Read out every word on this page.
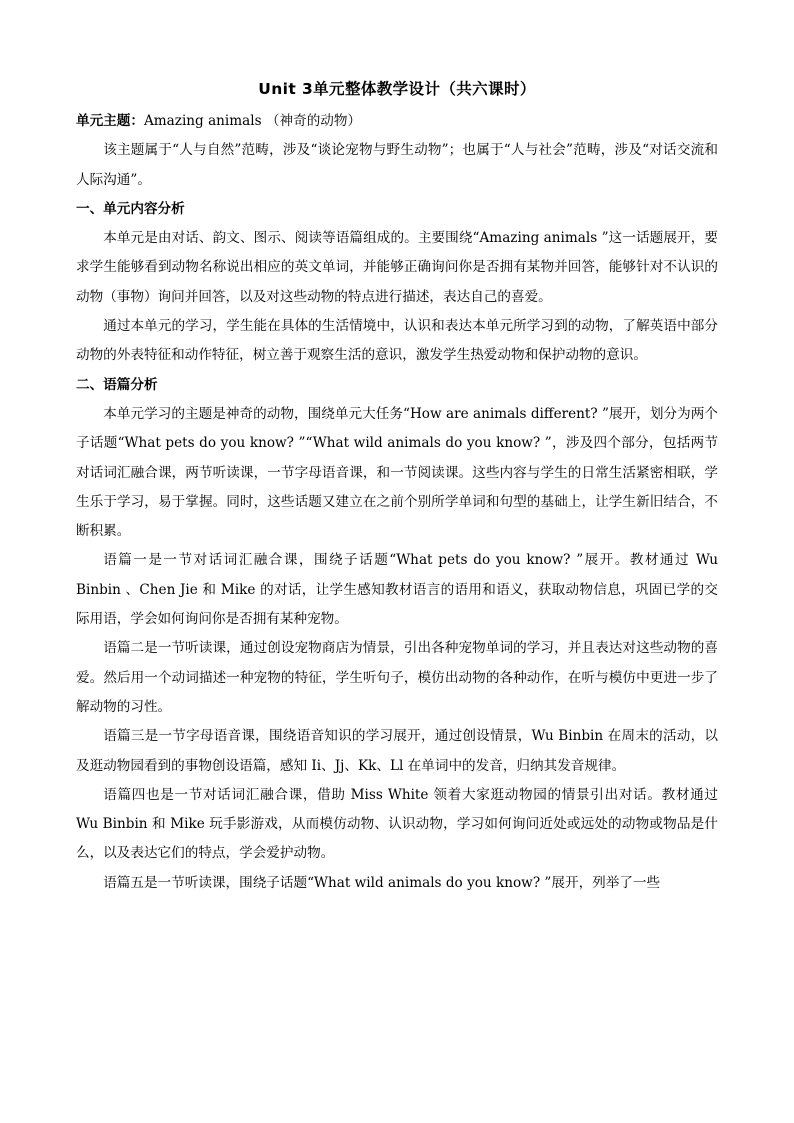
Unit 3单元整体教学设计（共六课时）

单元主题：Amazing animals （神奇的动物）

该主题属于“人与自然”范畴，涉及“谈论宠物与野生动物”；也属于“人与社会”范畴，涉及“对话交流和人际沟通”。

一、单元内容分析

本单元是由对话、韵文、图示、阅读等语篇组成的。主要围绕“Amazing animals ”这一话题展开，要求学生能够看到动物名称说出相应的英文单词，并能够正确询问你是否拥有某物并回答，能够针对不认识的动物（事物）询问并回答，以及对这些动物的特点进行描述，表达自己的喜爱。

通过本单元的学习，学生能在具体的生活情境中，认识和表达本单元所学习到的动物，了解英语中部分动物的外表特征和动作特征，树立善于观察生活的意识，激发学生热爱动物和保护动物的意识。

二、语篇分析

本单元学习的主题是神奇的动物，围绕单元大任务“How are animals different? ”展开，划分为两个子话题“What pets do you know? ”“What wild animals do you know? ”，涉及四个部分，包括两节对话词汇融合课，两节听读课，一节字母语音课，和一节阅读课。这些内容与学生的日常生活紧密相联，学生乐于学习，易于掌握。同时，这些话题又建立在之前个别所学单词和句型的基础上，让学生新旧结合，不断积累。

语篇一是一节对话词汇融合课，围绕子话题“What pets do you know? ”展开。教材通过 Wu Binbin 、Chen Jie 和 Mike 的对话，让学生感知教材语言的语用和语义，获取动物信息，巩固已学的交际用语，学会如何询问你是否拥有某种宠物。

语篇二是一节听读课，通过创设宠物商店为情景，引出各种宠物单词的学习，并且表达对这些动物的喜爱。然后用一个动词描述一种宠物的特征，学生听句子，模仿出动物的各种动作，在听与模仿中更进一步了解动物的习性。

语篇三是一节字母语音课，围绕语音知识的学习展开，通过创设情景，Wu Binbin 在周末的活动，以及逛动物园看到的事物创设语篇，感知 Ii、Jj、Kk、Ll 在单词中的发音，归纳其发音规律。

语篇四也是一节对话词汇融合课，借助 Miss White 领着大家逛动物园的情景引出对话。教材通过 Wu Binbin 和 Mike 玩手影游戏，从而模仿动物、认识动物，学习如何询问近处或远处的动物或物品是什么，以及表达它们的特点，学会爱护动物。

语篇五是一节听读课，围绕子话题“What wild animals do you know? ”展开，列举了一些
